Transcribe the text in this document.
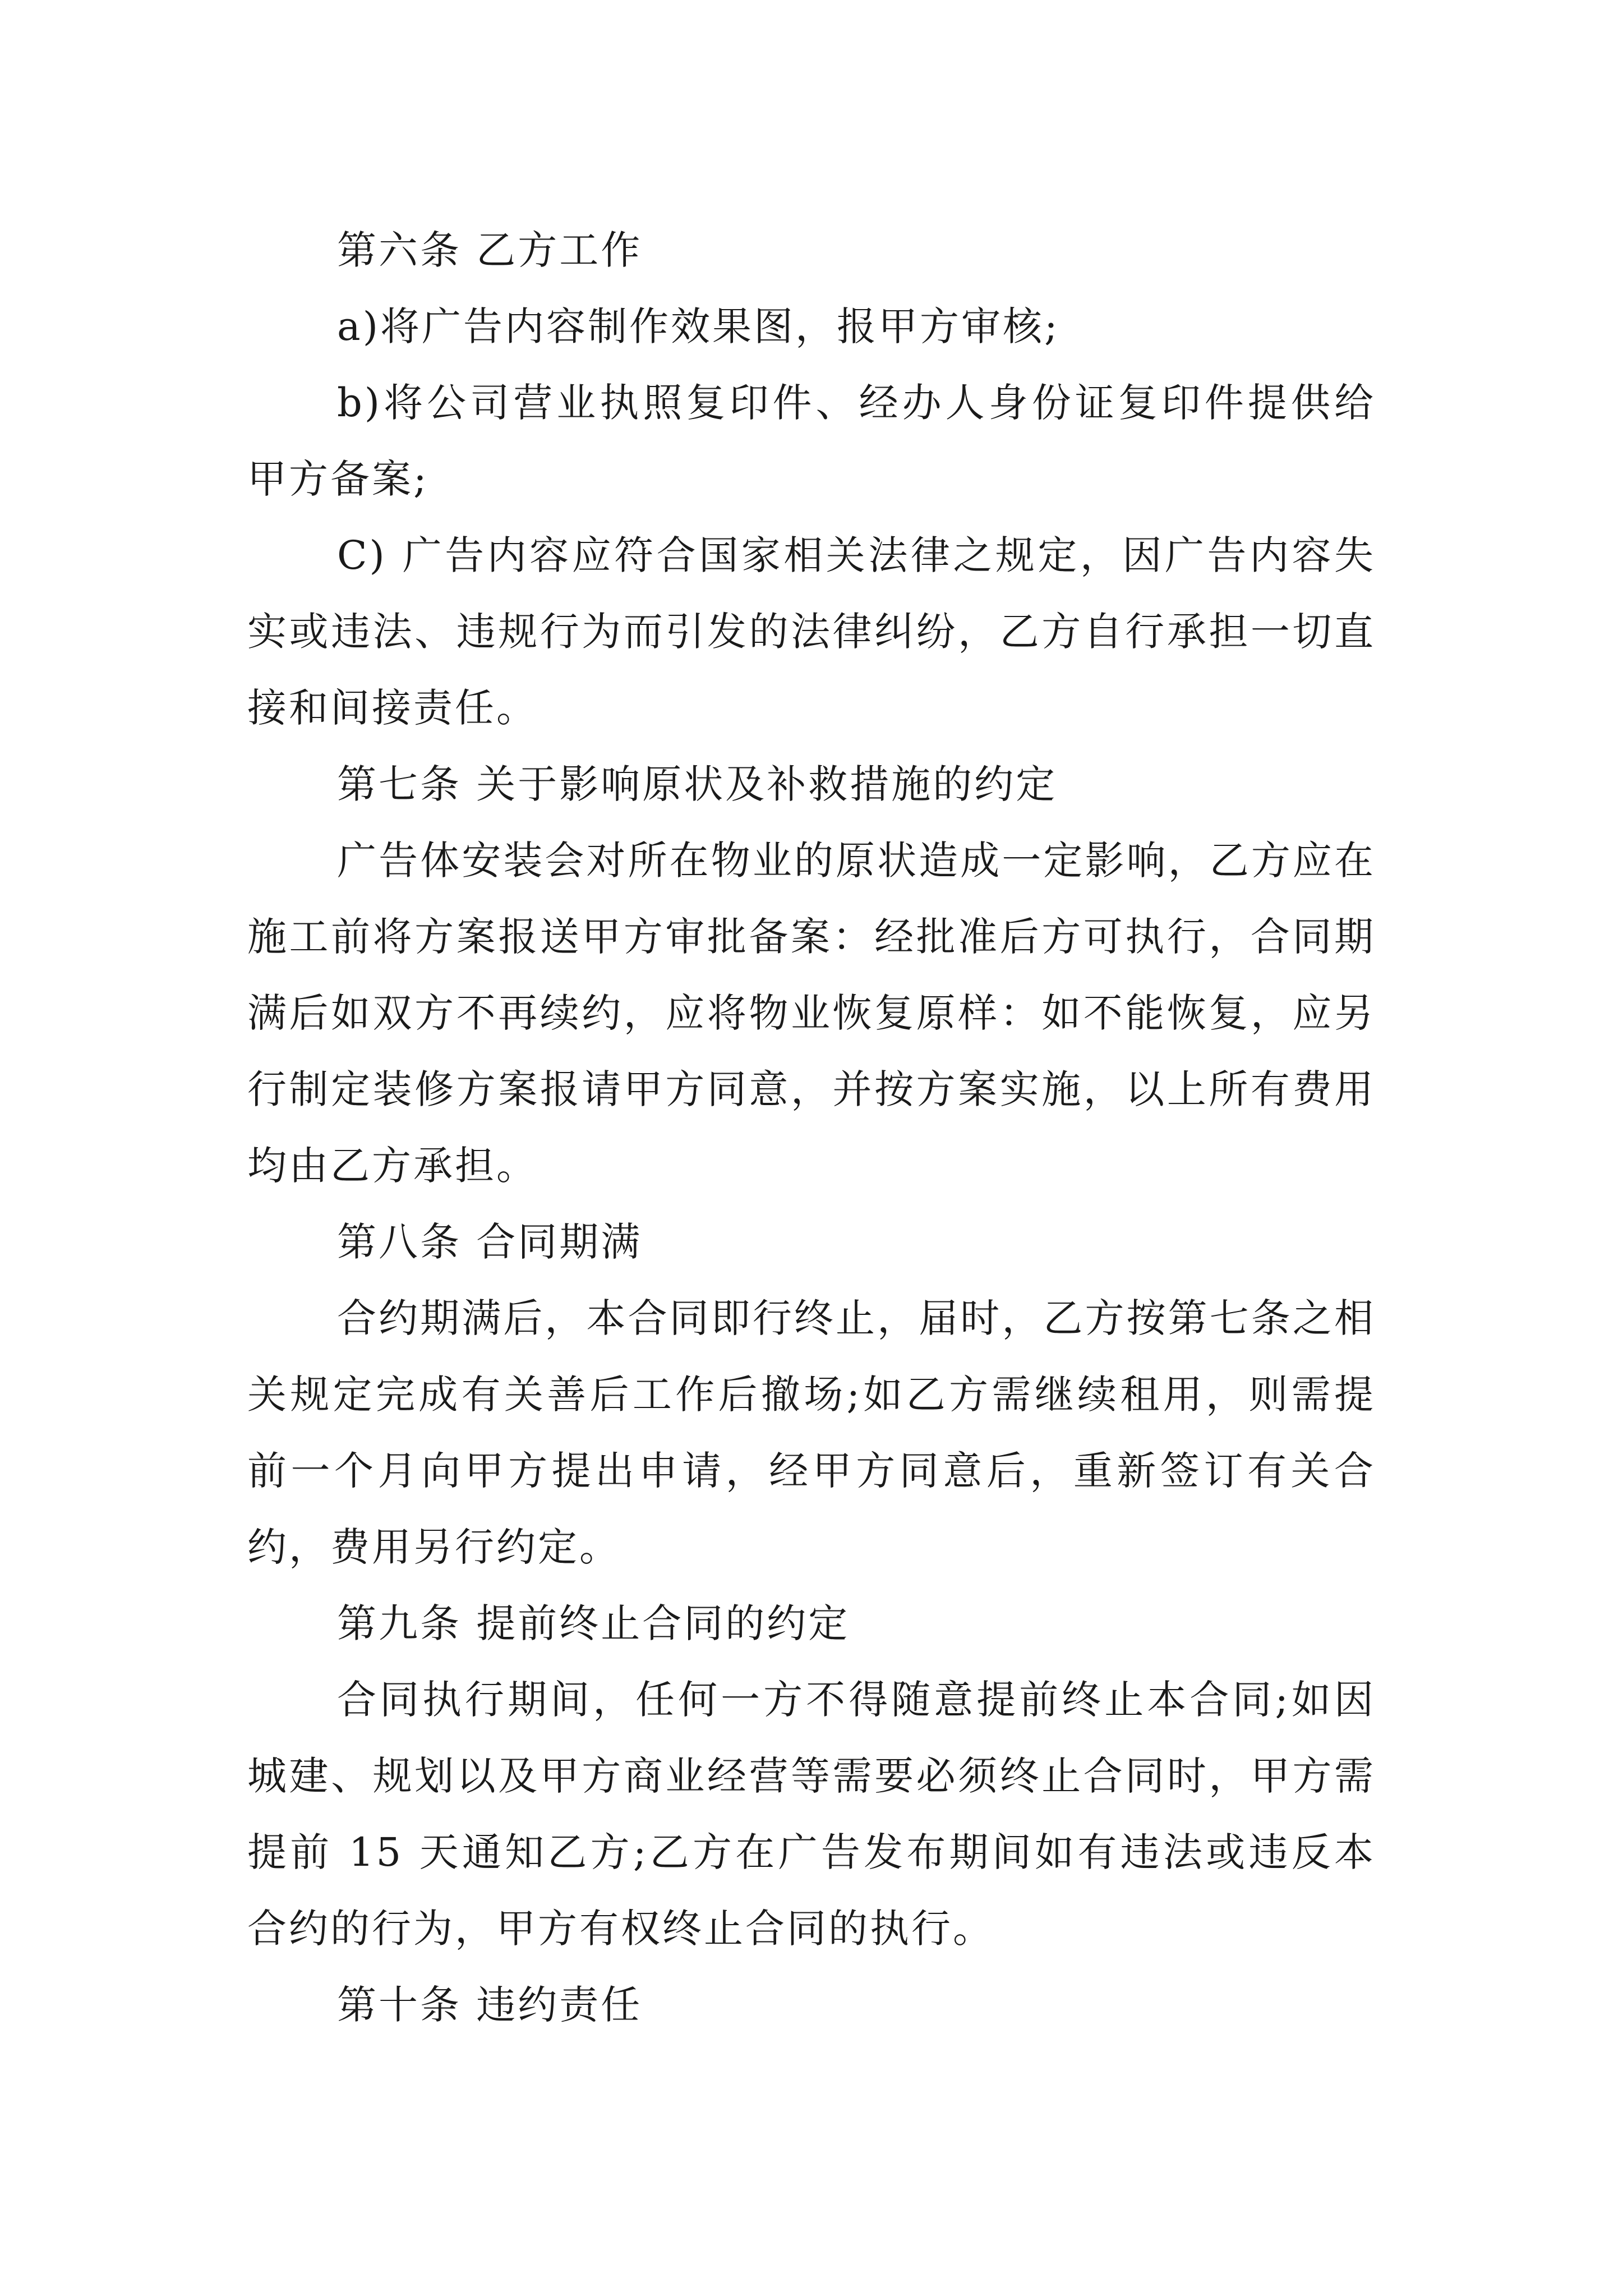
第六条 乙方工作

a)将广告内容制作效果图，报甲方审核;

b)将公司营业执照复印件、经办人身份证复印件提供给甲方备案;

C) 广告内容应符合国家相关法律之规定，因广告内容失实或违法、违规行为而引发的法律纠纷，乙方自行承担一切直接和间接责任。

第七条 关于影响原状及补救措施的约定

广告体安装会对所在物业的原状造成一定影响，乙方应在施工前将方案报送甲方审批备案：经批准后方可执行，合同期满后如双方不再续约，应将物业恢复原样：如不能恢复，应另行制定装修方案报请甲方同意，并按方案实施，以上所有费用均由乙方承担。

第八条 合同期满

合约期满后，本合同即行终止，届时，乙方按第七条之相关规定完成有关善后工作后撤场;如乙方需继续租用，则需提前一个月向甲方提出申请，经甲方同意后，重新签订有关合约，费用另行约定。

第九条 提前终止合同的约定

合同执行期间，任何一方不得随意提前终止本合同;如因城建、规划以及甲方商业经营等需要必须终止合同时，甲方需提前 15 天通知乙方;乙方在广告发布期间如有违法或违反本合约的行为，甲方有权终止合同的执行。

第十条 违约责任
